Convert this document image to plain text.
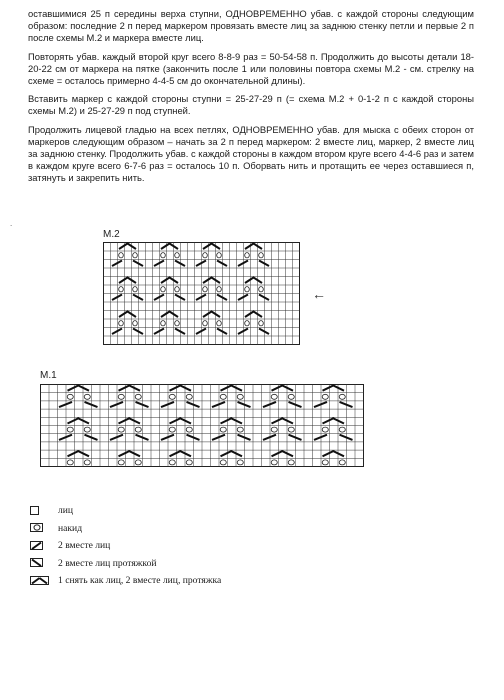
оставшимися 25 п середины верха ступни, ОДНОВРЕМЕННО убав. с каждой стороны следующим образом: последние 2 п перед маркером провязать вместе лиц за заднюю стенку петли и первые 2 п после схемы М.2 и маркера вместе лиц.

Повторять убав. каждый второй круг всего 8-8-9 раз = 50-54-58 п. Продолжить до высоты детали 18-20-22 см от маркера на пятке (закончить после 1 или половины повтора схемы М.2 - см. стрелку на схеме = осталось примерно 4-4-5 см до окончательной длины).

Вставить маркер с каждой стороны ступни = 25-27-29 п (= схема М.2 + 0-1-2 п с каждой стороны схемы М.2) и 25-27-29 п под ступней.

Продолжить лицевой гладью на всех петлях, ОДНОВРЕМЕННО убав. для мыска с обеих сторон от маркеров следующим образом – начать за 2 п перед маркером: 2 вместе лиц, маркер, 2 вместе лиц за заднюю стенку. Продолжить убав. с каждой стороны в каждом втором круге всего 4-4-6 раз и затем в каждом круге всего 6-7-6 раз = осталось 10 п. Оборвать нить и протащить ее через оставшиеся п, затянуть и закрепить нить.

.
М.2
←
М.1
лиц
накид
2 вместе лиц
2 вместе лиц протяжкой
1 снять как лиц, 2 вместе лиц, протяжка
